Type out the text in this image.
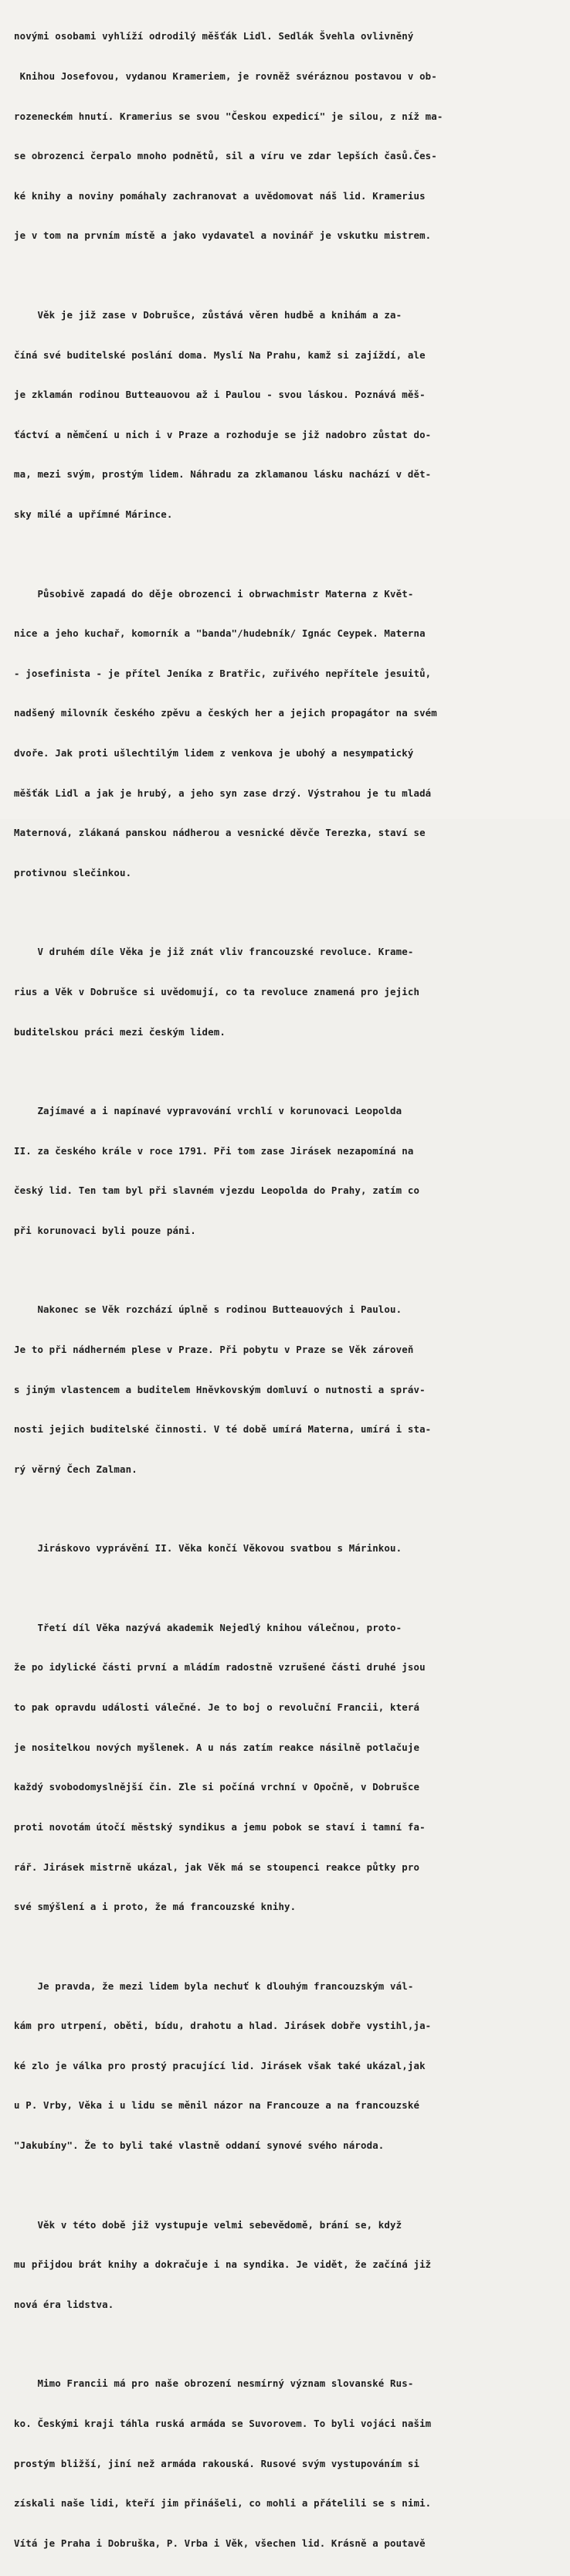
novými osobami vyhlíží odrodilý měšťák Lidl. Sedlák Švehla ovlivněný

Knihou Josefovou, vydanou Krameriem, je rovněž svéráznou postavou v ob-

rozeneckém hnutí. Kramerius se svou "Českou expedicí" je silou, z níž ma-

se obrozenci čerpalo mnoho podnětů, sil a víru ve zdar lepších časů.Čes-

ké knihy a noviny pomáhaly zachranovat a uvědomovat náš lid. Kramerius

je v tom na prvním místě a jako vydavatel a novinář je vskutku mistrem.

Věk je již zase v Dobrušce, zůstává věren hudbě a knihám a za-

číná své buditelské poslání doma. Myslí Na Prahu, kamž si zajíždí, ale

je zklamán rodinou Butteauovou až i Paulou - svou láskou. Poznává měš-

ťáctví a němčení u nich i v Praze a rozhoduje se již nadobro zůstat do-

ma, mezi svým, prostým lidem. Náhradu za zklamanou lásku nachází v dět-

sky milé a upřímné Márince.

Působivě zapadá do děje obrozenci i obrwachmistr Materna z Květ-

nice a jeho kuchař, komorník a "banda"/hudebník/ Ignác Ceypek. Materna

- josefinista - je přítel Jeníka z Bratřic, zuřivého nepřítele jesuitů,

nadšený milovník českého zpěvu a českých her a jejich propagátor na svém

dvoře. Jak proti ušlechtilým lidem z venkova je ubohý a nesympatický

měšťák Lidl a jak je hrubý, a jeho syn zase drzý. Výstrahou je tu mladá

Maternová, zlákaná panskou nádherou a vesnické děvče Terezka, staví se

protivnou slečinkou.

V druhém díle Věka je již znát vliv francouzské revoluce. Krame-

rius a Věk v Dobrušce si uvědomují, co ta revoluce znamená pro jejich

buditelskou práci mezi českým lidem.

Zajímavé a i napínavé vypravování vrchlí v korunovaci Leopolda

II. za českého krále v roce 1791. Při tom zase Jirásek nezapomíná na

český lid. Ten tam byl při slavném vjezdu Leopolda do Prahy, zatím co

při korunovaci byli pouze páni.

Nakonec se Věk rozchází úplně s rodinou Butteauových i Paulou.

Je to při nádherném plese v Praze. Při pobytu v Praze se Věk zároveň

s jiným vlastencem a buditelem Hněvkovským domluví o nutnosti a správ-

nosti jejich buditelské činnosti. V té době umírá Materna, umírá i sta-

rý věrný Čech Zalman.

Jiráskovo vyprávění II. Věka končí Věkovou svatbou s Márinkou.

Třetí díl Věka nazývá akademik Nejedlý knihou válečnou, proto-

že po idylické části první a mládím radostně vzrušené části druhé jsou

to pak opravdu události válečné. Je to boj o revoluční Francii, která

je nositelkou nových myšlenek. A u nás zatím reakce násilně potlačuje

každý svobodomyslnější čin. Zle si počíná vrchní v Opočně, v Dobrušce

proti novotám útočí městský syndikus a jemu pobok se staví i tamní fa-

rář. Jirásek mistrně ukázal, jak Věk má se stoupenci reakce půtky pro

své smýšlení a i proto, že má francouzské knihy.

Je pravda, že mezi lidem byla nechuť k dlouhým francouzským vál-

kám pro utrpení, oběti, bídu, drahotu a hlad. Jirásek dobře vystihl,ja-

ké zlo je válka pro prostý pracující lid. Jirásek však také ukázal,jak

u P. Vrby, Věka i u lidu se měnil názor na Francouze a na francouzské

"Jakubíny". Že to byli také vlastně oddaní synové svého národa.

Věk v této době již vystupuje velmi sebevědomě, brání se, když

mu přijdou brát knihy a dokračuje i na syndika. Je vidět, že začíná již

nová éra lidstva.

Mimo Francii má pro naše obrození nesmírný význam slovanské Rus-

ko. Českými kraji táhla ruská armáda se Suvorovem. To byli vojáci našim

prostým bližší, jiní než armáda rakouská. Rusové svým vystupováním si

získali naše lidi, kteří jim přinášeli, co mohli a přátelili se s nimi.

Vítá je Praha i Dobruška, P. Vrba i Věk, všechen lid. Krásně a poutavě
